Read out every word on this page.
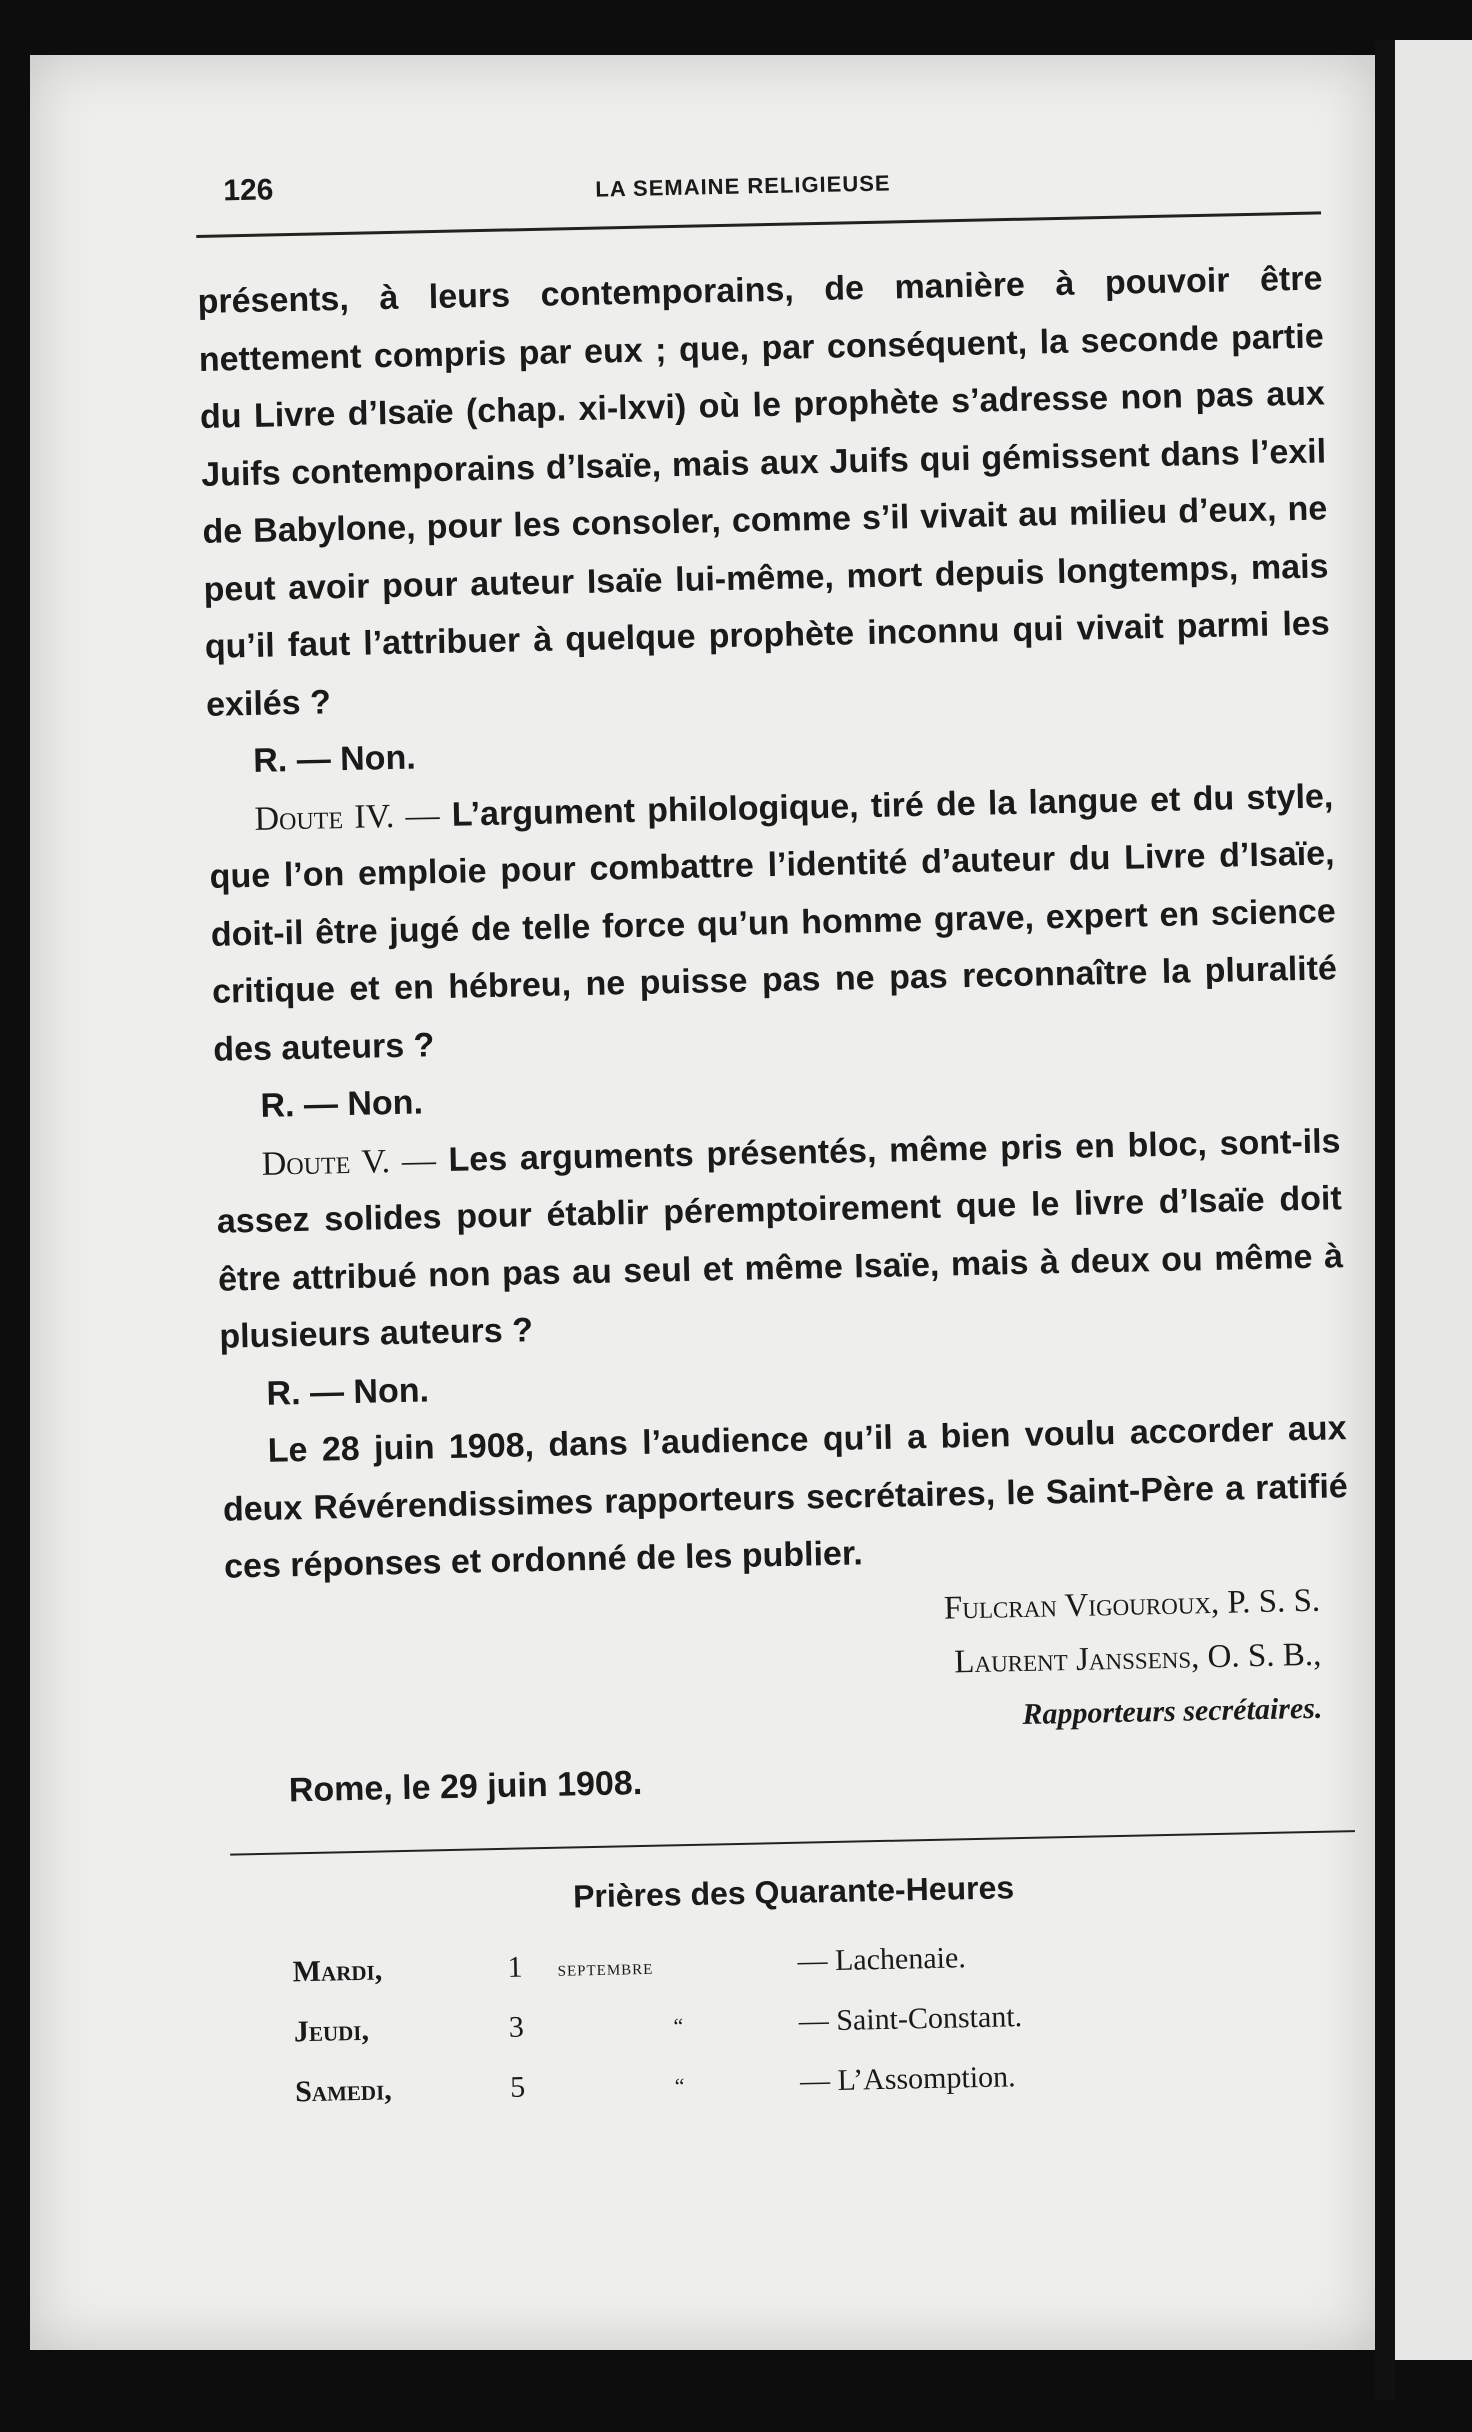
126	LA SEMAINE RELIGIEUSE

présents, à leurs contemporains, de manière à pouvoir être nettement compris par eux ; que, par conséquent, la seconde partie du Livre d’Isaïe (chap. xi-lxvi) où le prophète s’adresse non pas aux Juifs contemporains d’Isaïe, mais aux Juifs qui gémissent dans l’exil de Babylone, pour les consoler, comme s’il vivait au milieu d’eux, ne peut avoir pour auteur Isaïe lui-même, mort depuis longtemps, mais qu’il faut l’attribuer à quelque prophète inconnu qui vivait parmi les exilés ?

R. — Non.

Doute IV. — L’argument philologique, tiré de la langue et du style, que l’on emploie pour combattre l’identité d’auteur du Livre d’Isaïe, doit-il être jugé de telle force qu’un homme grave, expert en science critique et en hébreu, ne puisse pas ne pas reconnaître la pluralité des auteurs ?

R. — Non.

Doute V. — Les arguments présentés, même pris en bloc, sont-ils assez solides pour établir péremptoirement que le livre d’Isaïe doit être attribué non pas au seul et même Isaïe, mais à deux ou même à plusieurs auteurs ?

R. — Non.

Le 28 juin 1908, dans l’audience qu’il a bien voulu accorder aux deux Révérendissimes rapporteurs secrétaires, le Saint-Père a ratifié ces réponses et ordonné de les publier.

Fulcran Vigouroux, P. S. S.
Laurent Janssens, O. S. B.,
Rapporteurs secrétaires.
Rome, le 29 juin 1908.
Prières des Quarante-Heures
Mardi,	1	septembre	— Lachenaie.
Jeudi,	3	“	— Saint-Constant.
Samedi,	5	“	— L’Assomption.
